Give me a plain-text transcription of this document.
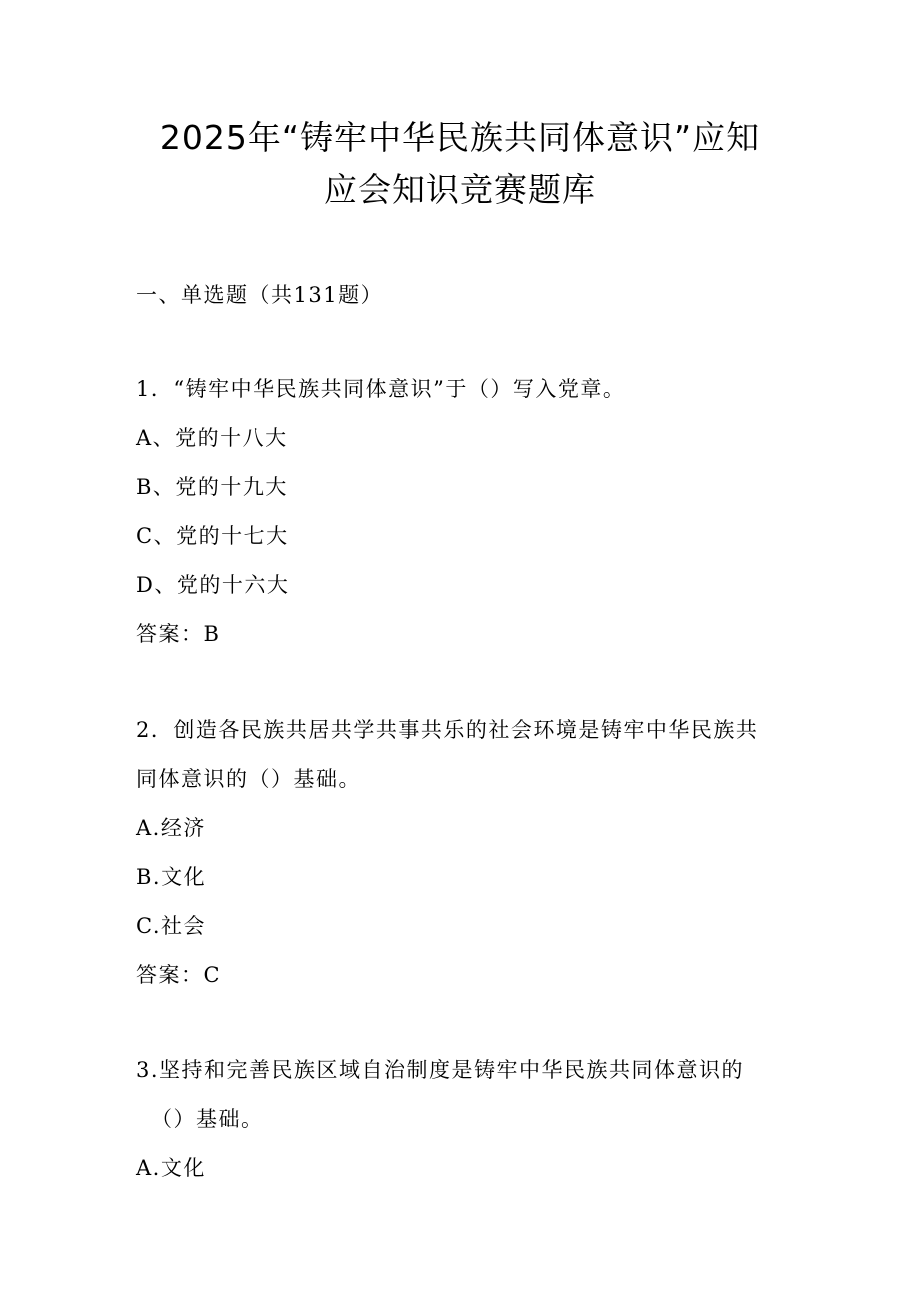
2025年“铸牢中华民族共同体意识”应知
应会知识竞赛题库
一、单选题（共131题）
1．“铸牢中华民族共同体意识”于（）写入党章。
A、党的十八大
B、党的十九大
C、党的十七大
D、党的十六大
答案：B
2．创造各民族共居共学共事共乐的社会环境是铸牢中华民族共
同体意识的（）基础。
A.经济
B.文化
C.社会
答案：C
3.坚持和完善民族区域自治制度是铸牢中华民族共同体意识的
（）基础。
A.文化
